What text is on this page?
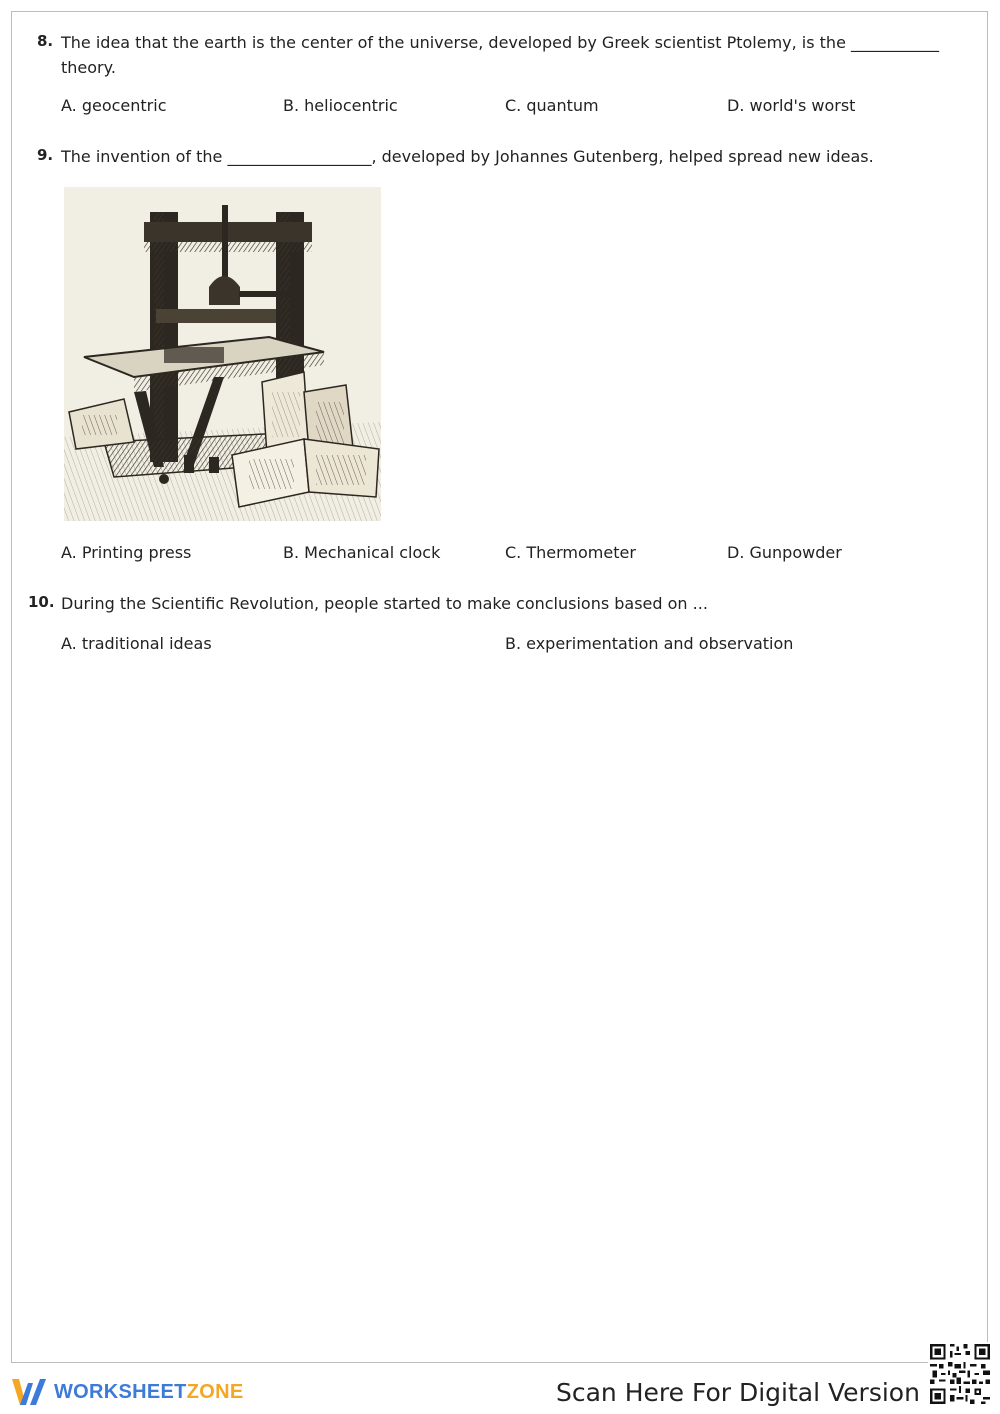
8. The idea that the earth is the center of the universe, developed by Greek scientist Ptolemy, is the ___________
theory.
A. geocentric	B. heliocentric	C. quantum	D. world's worst
9. The invention of the __________________, developed by Johannes Gutenberg, helped spread new ideas.
A. Printing press	B. Mechanical clock	C. Thermometer	D. Gunpowder
10. During the Scientific Revolution, people started to make conclusions based on ...
A. traditional ideas	B. experimentation and observation
WORKSHEETZONE	Scan Here For Digital Version
